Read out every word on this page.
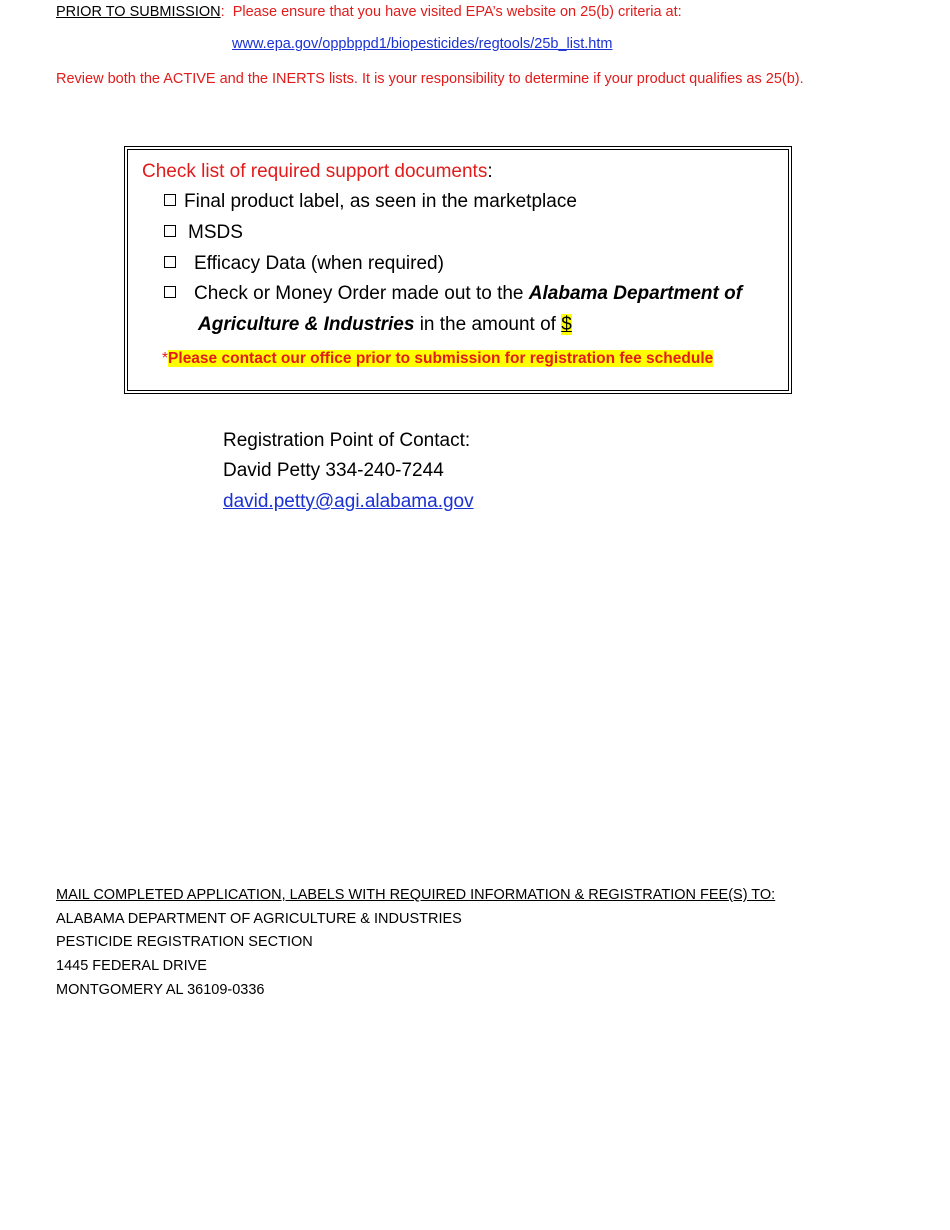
PRIOR TO SUBMISSION:  Please ensure that you have visited EPA’s website on 25(b) criteria at:
www.epa.gov/oppbppd1/biopesticides/regtools/25b_list.htm
Review both the ACTIVE and the INERTS lists. It is your responsibility to determine if your product qualifies as 25(b).
Check list of required support documents:
Final product label, as seen in the marketplace
MSDS
Efficacy Data (when required)
Check or Money Order made out to the Alabama Department of
Agriculture & Industries in the amount of $
*Please contact our office prior to submission for registration fee schedule
Registration Point of Contact:
David Petty 334-240-7244
david.petty@agi.alabama.gov
MAIL COMPLETED APPLICATION, LABELS WITH REQUIRED INFORMATION & REGISTRATION FEE(S) TO:
ALABAMA DEPARTMENT OF AGRICULTURE & INDUSTRIES
PESTICIDE REGISTRATION SECTION
1445 FEDERAL DRIVE
MONTGOMERY AL 36109-0336
